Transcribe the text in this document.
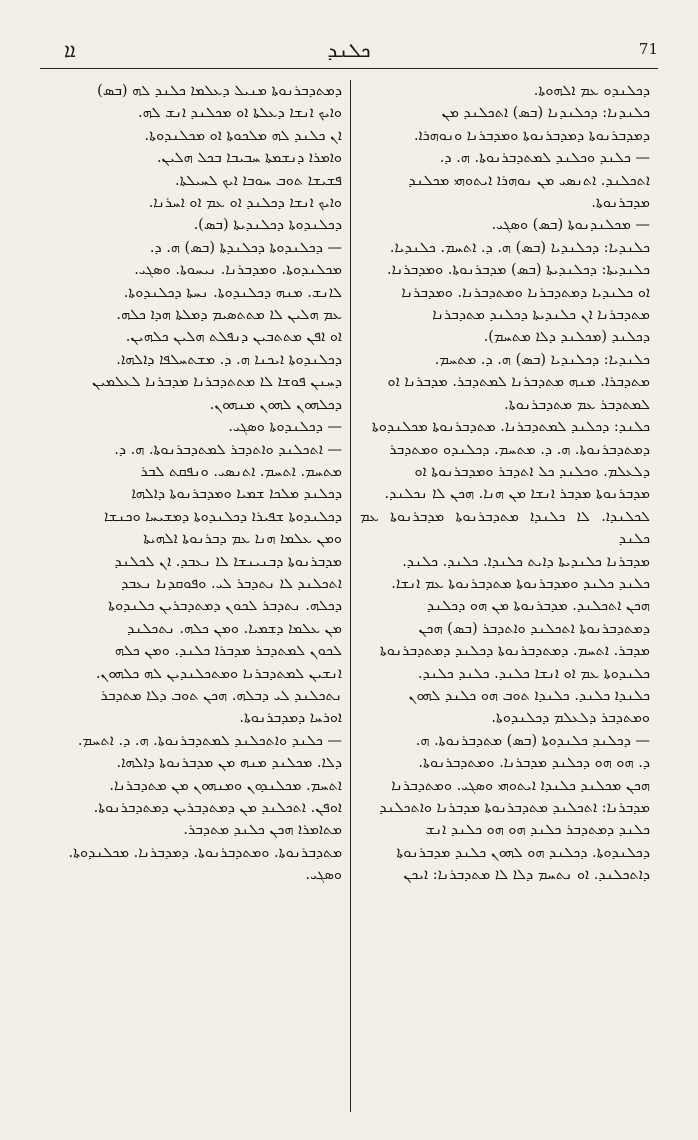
ܐܐ	ܟܠܢܕ	71
ܕܡܬܕܒܪܢܘܬܐ ܡܢܝܠ ܕܥܠܡܐ ܟܠܢܕ ܠܗ (ܒܣ)
ܘܐܝܟ ܐܢܫܐ ܕܥܠܬܐ ܐܘ ܡܟܠܢܕ ܐܢܫ ܠܗ.
ܐܢ ܟܠܢܕ ܠܗ ܡܠܟܘܬܐ ܐܘ ܡܟܠܢܕܘܬܐ.
ܘܐܡܪܐ ܕܢܫܡܬܐ ܚܒܝܒܐ ܒܟܠ ܗܠܝܢ.
ܦܫܝܫܐ ܬܘܒ ܚܘܒܐ ܐܝܟ ܠܚܝܠܬܐ.
ܘܐܝܟ ܐܢܫܐ ܕܟܠܢܕ ܐܘ ܥܡ ܐܘ ܐܚܪܢܐ.
ܕܟܠܢܕܘܬܐ ܕܟܠܢܕܝܬܐ (ܒܣ).
— ܕܟܠܢܕܘܬܐ ܕܟܠܢܕܬܐ (ܒܣ) ܗ. ܕ.
ܡܟܠܢܕܘܬܐ. ܘܡܕܒܪܢܐ. ܢܝܚܘܬܐ. ܘܣܓܝ.
ܠܐܢܫ. ܡܢܗ ܕܟܠܢܕܘܬܐ. ܢܚܬܐ ܕܟܠܢܕܘܬܐ.
ܥܡ ܗܠܝܢ ܠܐ ܡܬܬܣܝܡ ܕܡܠܬܐ ܗܕܐ ܟܠܗ.
ܐܘ ܐܦܢ ܡܬܬܒܝܢ ܕܢܦܠܬ ܗܠܝܢ ܟܠܗܝܢ.
ܕܟܠܢܕܘܬܐ ܐܝܟܢܐ ܗ. ܕ. ܡܫܬܚܠܦܐ ܕܐܠܗܐ.
ܕܚܢܢ ܦܘܫܐ ܠܐ ܡܬܬܕܒܪܢܐ ܡܕܒܪܢܐ ܠܥܠܡܝܢ
ܕܟܠܗܘܢ ܠܗܘܢ ܡܢܗܘܢ.
— ܕܟܠܢܕܘܬܐ ܘܣܓܝ.
— ܐܬܟܠܢܕ ܘܐܬܕܒܪ ܠܡܬܕܒܪܢܘܬܐ. ܗ. ܕ.
ܡܬܚܡ. ܐܬܚܡ. ܐܬܢܣܝ. ܘܢܦܩܬ ܠܒܪ
ܕܟܠܢܕ ܡܠܟܐ ܫܡܝܐ ܘܡܕܒܪܢܘܬܐ ܕܐܠܗܐ
ܕܟܠܢܕܘܬܐ ܫܦܝܪܐ ܕܟܠܢܕܘܬܐ ܕܡܫܝܚܐ ܘܟܢܫܐ
ܘܡܢ ܥܠܡܐ ܗܢܐ ܥܡ ܕܒܪܢܘܬܐ ܐܠܗܝܬܐ
ܡܕܒܪܢܘܬܐ ܕܒܢܝܢܫܐ ܠܐ ܢܥܒܕ. ܐܢ ܠܟܠܢܕ
ܐܬܟܠܢܕ ܠܐ ܢܬܕܒܪ ܠܝ. ܘܦܘܩܕܢܐ ܢܥܒܕ
ܕܟܠܗ. ܢܬܕܒܪ ܠܟܘܢ ܕܡܬܕܒܪܝܢ ܟܠܢܕܘܬܐ
ܡܢ ܥܠܡܐ ܕܫܡܝܐ. ܘܡܢ ܟܠܗ. ܢܬܟܠܢܕ
ܠܟܘܢ ܠܡܬܕܒܪ ܡܕܒܪܐ ܟܠܢܕ. ܘܡܢ ܟܠܗ
ܐܢܫܝܢ ܠܡܬܕܒܪܢܐ ܘܡܬܟܠܢܕܝܢ ܠܗ ܟܠܗܘܢ.
ܢܬܟܠܢܕ ܠܝ ܕܒܠܗ. ܗܟܢ ܬܘܒ ܕܠܐ ܡܬܕܒܪ
ܐܘܪܚܐ ܕܡܕܒܪܢܘܬܐ.
— ܟܠܢܕ ܘܐܬܟܠܢܕ ܠܡܬܕܒܪܢܘܬܐ. ܗ. ܕ. ܐܬܚܡ.
ܕܠܐ. ܡܟܠܢܕ ܡܢܗ ܡܢ ܡܕܒܪܢܘܬܐ ܕܐܠܗܐ.
ܐܬܚܡ. ܡܟܠܢܕܘܢ ܘܡܢܗܘܢ ܡܢ ܡܬܕܒܪܢܐ.
ܐܘܦܢ. ܐܬܟܠܢܕ ܡܢ ܕܡܬܕܒܪܝܢ ܕܡܬܕܒܪܢܘܬܐ.
ܡܬܐܡܪܐ ܗܟܢ ܟܠܢܕ ܡܬܕܒܪ.
ܡܬܕܒܪܢܘܬܐ. ܘܡܬܕܒܪܢܘܬܐ. ܕܡܕܒܪܢܐ. ܡܟܠܢܕܘܬܐ.
ܘܣܓܝ.
ܕܟܠܢܕܘ ܥܡ ܐܠܗܘܬܐ.
ܟܠܢܕܢܐ: ܕܟܠܢܕܢܐ (ܒܣ) ܐܬܟܠܢܕ ܡܢ
ܕܡܕܒܪܢܘܬܐ ܕܡܕܒܪܢܘܬܐ ܘܡܕܒܪܢܐ ܘܢܘܗܪܐ.
— ܟܠܢܕ ܘܟܠܢܕ ܠܡܬܕܒܪܢܘܬܐ. ܗ. ܕ.
ܐܬܟܠܢܕ. ܐܬܢܣܝ ܡܢ ܢܘܗܪܐ ܐܝܬܘܗܝ ܡܟܠܢܕ
ܡܕܒܪܢܘܬܐ.
— ܡܟܠܢܕܢܘܬܐ (ܒܣ) ܘܣܓܝ.
ܟܠܢܕܝܐ: ܕܟܠܢܕܝܐ (ܒܣ) ܗ. ܕ. ܐܬܚܡ. ܟܠܢܕܝܐ.
ܟܠܢܕܝܬܐ: ܕܟܠܢܕܝܬܐ (ܒܣ) ܡܕܒܪܢܘܬܐ. ܘܡܕܒܪܢܐ.
ܐܘ ܟܠܢܕܝܐ ܕܡܬܕܒܪܢܐ ܘܡܬܕܒܪܢܐ. ܘܡܕܒܪܢܐ
ܡܬܕܒܪܢܐ ܐܢ ܟܠܢܕܝܬܐ ܕܟܠܢܕ ܡܬܕܒܪܢܐ
ܕܟܠܢܕ (ܡܟܠܢܕ ܕܠܐ ܡܬܚܡ).
ܟܠܢܕܝܐ: ܕܟܠܢܕܝܐ (ܒܣ) ܗ. ܕ. ܡܬܚܡ.
ܡܬܕܒܪܐ. ܡܢܗ ܡܬܕܒܪܢܐ ܠܡܬܕܒܪ. ܡܕܒܪܢܐ ܐܘ
ܠܡܬܕܒܪ ܥܡ ܡܬܕܒܪܢܘܬܐ.
ܟܠܢܕ: ܕܟܠܢܕ ܠܡܬܕܒܪܢܐ. ܡܬܕܒܪܢܘܬܐ ܡܟܠܢܕܘܬܐ
ܕܡܬܕܒܪܢܘܬܐ. ܗ. ܕ. ܡܬܚܡ. ܕܟܠܢܕܘ ܘܡܬܕܒܪ
ܕܠܥܠܡ. ܘܟܠܢܕ ܟܠ ܐܬܕܒܪ ܘܡܕܒܪܢܘܬܐ ܐܘ
ܡܕܒܪܢܘܬܐ ܡܕܒܪ ܐܢܫܐ ܡܢ ܗܢܐ. ܗܟܢ ܠܐ ܢܟܠܢܕ.
ܠܟܠܢܕܐ. ܠܐ ܟܠܢܕܐ ܡܬܕܒܪܢܘܬܐ ܡܕܒܪܢܘܬܐ ܥܡ ܟܠܢܕ
ܡܕܒܪܢܐ ܟܠܢܕܝܬܐ ܕܐܝܬ ܟܠܢܕܐ. ܟܠܢܕ. ܟܠܢܕ.
ܟܠܢܕ ܟܠܢܕ ܘܡܕܒܪܢܘܬܐ ܡܬܕܒܪܢܘܬܐ ܥܡ ܐܢܫܐ.
ܗܟܢ ܐܬܟܠܢܕ. ܡܕܒܪܢܘܬܐ ܡܢ ܗܘ ܕܟܠܢܕ
ܕܡܬܕܒܪܢܘܬܐ ܐܬܟܠܢܕ ܘܐܬܕܒܪ (ܒܣ) ܗܟܢ
ܡܕܒܪ. ܐܬܚܡ. ܕܡܬܕܒܪܢܘܬܐ ܕܟܠܢܕ ܕܡܬܕܒܪܢܘܬܐ
ܟܠܢܕܘܬܐ ܥܡ ܐܘ ܐܢܫܐ ܟܠܢܕ. ܟܠܢܕ ܟܠܢܕ.
ܟܠܢܕܐ ܟܠܢܕ. ܟܠܢܕܐ ܬܘܒ ܗܘ ܟܠܢܕ ܠܗܘܢ
ܘܡܬܕܒܪ ܕܠܥܠܡ ܕܟܠܢܕܘܬܐ.
— ܕܟܠܢܕ ܟܠܢܕܘܬܐ (ܒܣ) ܡܬܕܒܪܢܘܬܐ. ܗ.
ܕ. ܗܘ ܗܘ ܕܟܠܢܕ ܡܕܒܪܢܐ. ܘܡܬܕܒܪܢܘܬܐ.
ܗܟܢ ܡܟܠܢܕ ܟܠܢܕܐ ܐܝܬܘܗܝ ܘܣܓܝ. ܘܡܬܕܒܪܢܐ
ܡܕܒܪܢܐ: ܐܬܟܠܢܕ ܡܬܕܒܪܢܘܬܐ ܡܕܒܪܢܐ ܘܐܬܟܠܢܕ
ܟܠܢܕ ܕܡܬܕܒܪ ܟܠܢܕ ܗܘ ܗܘ ܟܠܢܕ ܐܢܫ
ܕܟܠܢܕܘܬܐ. ܕܟܠܢܕ ܗܘ ܠܗܘܢ ܟܠܢܕ ܡܕܒܪܢܘܬܐ
ܕܐܬܟܠܢܕ. ܐܘ ܢܬܚܡ ܕܠܐ ܠܐ ܡܬܕܒܪܢܐ: ܐܝܟܢ
